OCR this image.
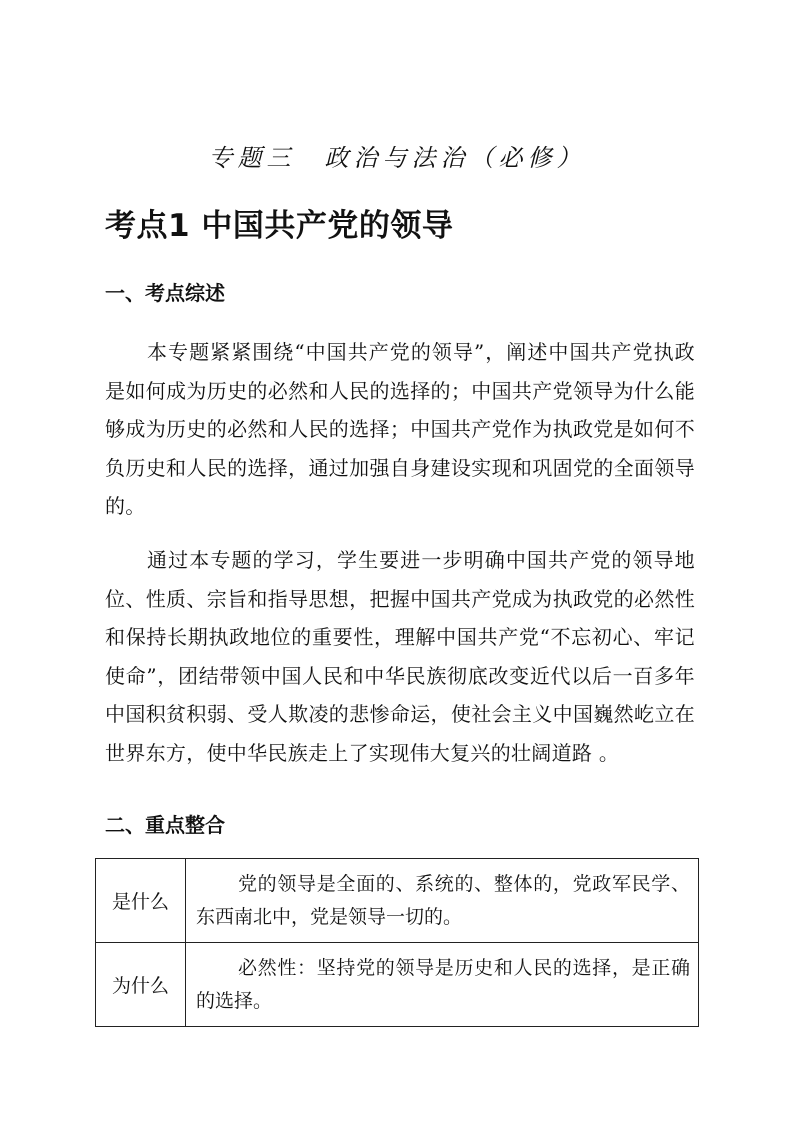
专题三　政治与法治（必修）
考点1 中国共产党的领导
一、考点综述

本专题紧紧围绕“中国共产党的领导”，阐述中国共产党执政是如何成为历史的必然和人民的选择的；中国共产党领导为什么能够成为历史的必然和人民的选择；中国共产党作为执政党是如何不负历史和人民的选择，通过加强自身建设实现和巩固党的全面领导的。

通过本专题的学习，学生要进一步明确中国共产党的领导地位、性质、宗旨和指导思想，把握中国共产党成为执政党的必然性和保持长期执政地位的重要性，理解中国共产党“不忘初心、牢记使命”，团结带领中国人民和中华民族彻底改变近代以后一百多年中国积贫积弱、受人欺凌的悲惨命运，使社会主义中国巍然屹立在世界东方，使中华民族走上了实现伟大复兴的壮阔道路 。

二、重点整合
是什么	党的领导是全面的、系统的、整体的，党政军民学、东西南北中，党是领导一切的。
为什么	必然性：坚持党的领导是历史和人民的选择，是正确的选择。
